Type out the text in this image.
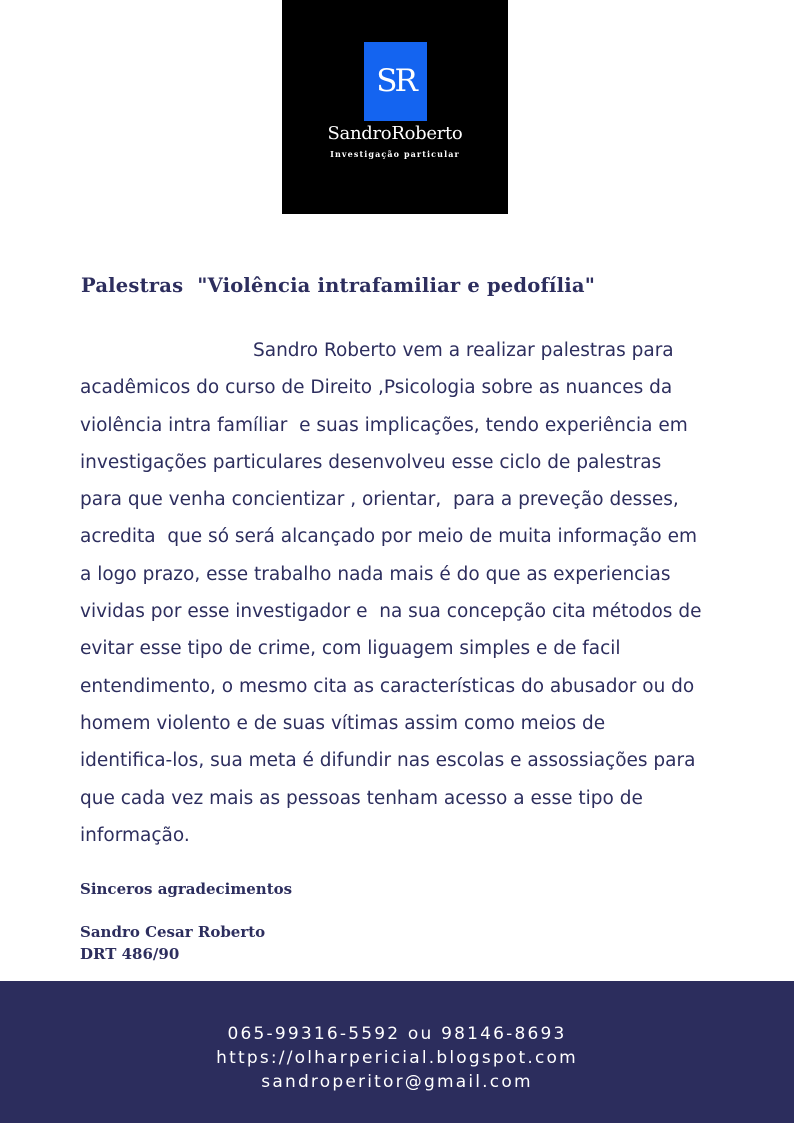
SR
SandroRoberto
Investigação particular
Palestras  "Violência intrafamiliar e pedofília"

Sandro Roberto vem a realizar palestras para acadêmicos do curso de Direito ,Psicologia sobre as nuances da violência intra famíliar  e suas implicações, tendo experiência em investigações particulares desenvolveu esse ciclo de palestras para que venha concientizar , orientar,  para a preveção desses, acredita  que só será alcançado por meio de muita informação em a logo prazo, esse trabalho nada mais é do que as experiencias vividas por esse investigador e  na sua concepção cita métodos de evitar esse tipo de crime, com liguagem simples e de facil entendimento, o mesmo cita as características do abusador ou do homem violento e de suas vítimas assim como meios de identifica-los, sua meta é difundir nas escolas e assossiações para que cada vez mais as pessoas tenham acesso a esse tipo de informação.

Sinceros agradecimentos

Sandro Cesar Roberto

DRT 486/90

065-99316-5592 ou 98146-8693
https://olharpericial.blogspot.com
sandroperitor@gmail.com
